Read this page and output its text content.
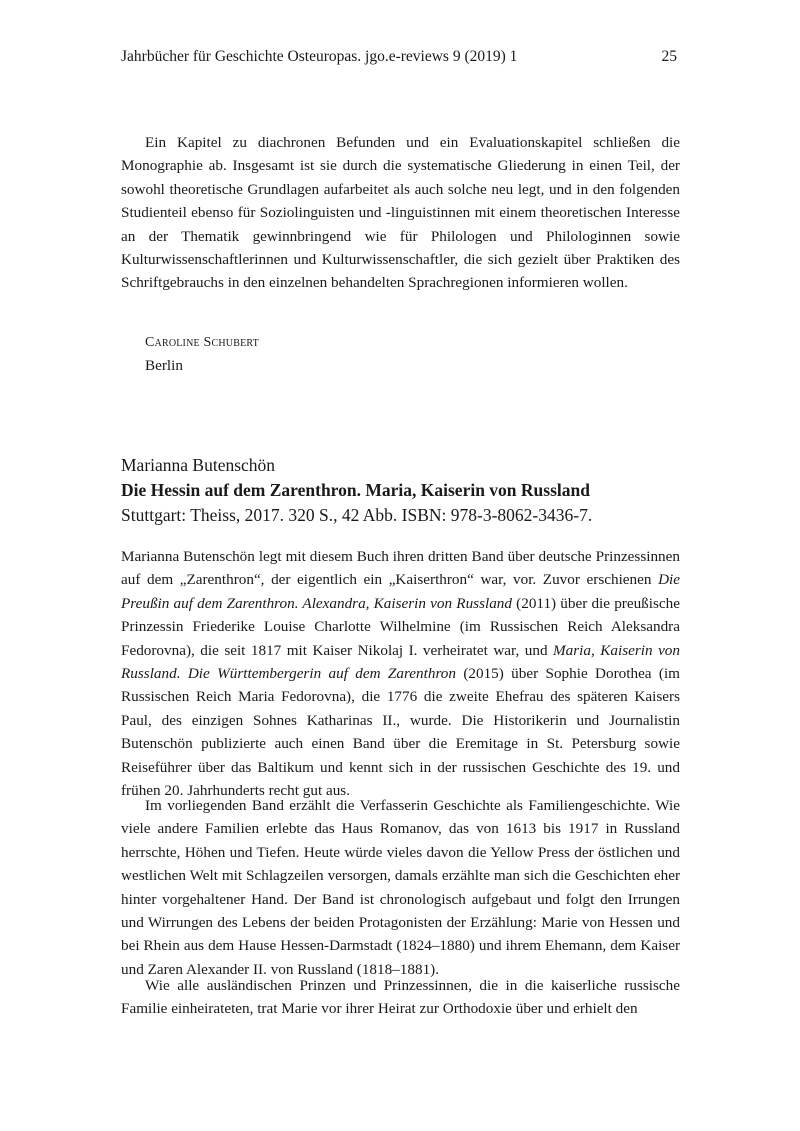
Jahrbücher für Geschichte Osteuropas. jgo.e-reviews 9 (2019) 1	25

Ein Kapitel zu diachronen Befunden und ein Evaluationskapitel schließen die Monographie ab. Insgesamt ist sie durch die systematische Gliederung in einen Teil, der sowohl theoretische Grundlagen aufarbeitet als auch solche neu legt, und in den folgenden Studienteil ebenso für Soziolinguisten und -linguistinnen mit einem theoretischen Interesse an der Thematik gewinnbringend wie für Philologen und Philologinnen sowie Kulturwissenschaftlerinnen und Kulturwissenschaftler, die sich gezielt über Praktiken des Schriftgebrauchs in den einzelnen behandelten Sprachregionen informieren wollen.

Caroline Schubert
Berlin
Marianna Butenschön
Die Hessin auf dem Zarenthron. Maria, Kaiserin von Russland
Stuttgart: Theiss, 2017. 320 S., 42 Abb. ISBN: 978-3-8062-3436-7.

Marianna Butenschön legt mit diesem Buch ihren dritten Band über deutsche Prinzessinnen auf dem „Zarenthron“, der eigentlich ein „Kaiserthron“ war, vor. Zuvor erschienen Die Preußin auf dem Zarenthron. Alexandra, Kaiserin von Russland (2011) über die preußische Prinzessin Friederike Louise Charlotte Wilhelmine (im Russischen Reich Aleksandra Fedorovna), die seit 1817 mit Kaiser Nikolaj I. verheiratet war, und Maria, Kaiserin von Russland. Die Württembergerin auf dem Zarenthron (2015) über Sophie Dorothea (im Russischen Reich Maria Fedorovna), die 1776 die zweite Ehefrau des späteren Kaisers Paul, des einzigen Sohnes Katharinas II., wurde. Die Historikerin und Journalistin Butenschön publizierte auch einen Band über die Eremitage in St. Petersburg sowie Reiseführer über das Baltikum und kennt sich in der russischen Geschichte des 19. und frühen 20. Jahrhunderts recht gut aus.

Im vorliegenden Band erzählt die Verfasserin Geschichte als Familiengeschichte. Wie viele andere Familien erlebte das Haus Romanov, das von 1613 bis 1917 in Russland herrschte, Höhen und Tiefen. Heute würde vieles davon die Yellow Press der östlichen und westlichen Welt mit Schlagzeilen versorgen, damals erzählte man sich die Geschichten eher hinter vorgehaltener Hand. Der Band ist chronologisch aufgebaut und folgt den Irrungen und Wirrungen des Lebens der beiden Protagonisten der Erzählung: Marie von Hessen und bei Rhein aus dem Hause Hessen-Darmstadt (1824–1880) und ihrem Ehemann, dem Kaiser und Zaren Alexander II. von Russland (1818–1881).

Wie alle ausländischen Prinzen und Prinzessinnen, die in die kaiserliche russische Familie einheirateten, trat Marie vor ihrer Heirat zur Orthodoxie über und erhielt den
